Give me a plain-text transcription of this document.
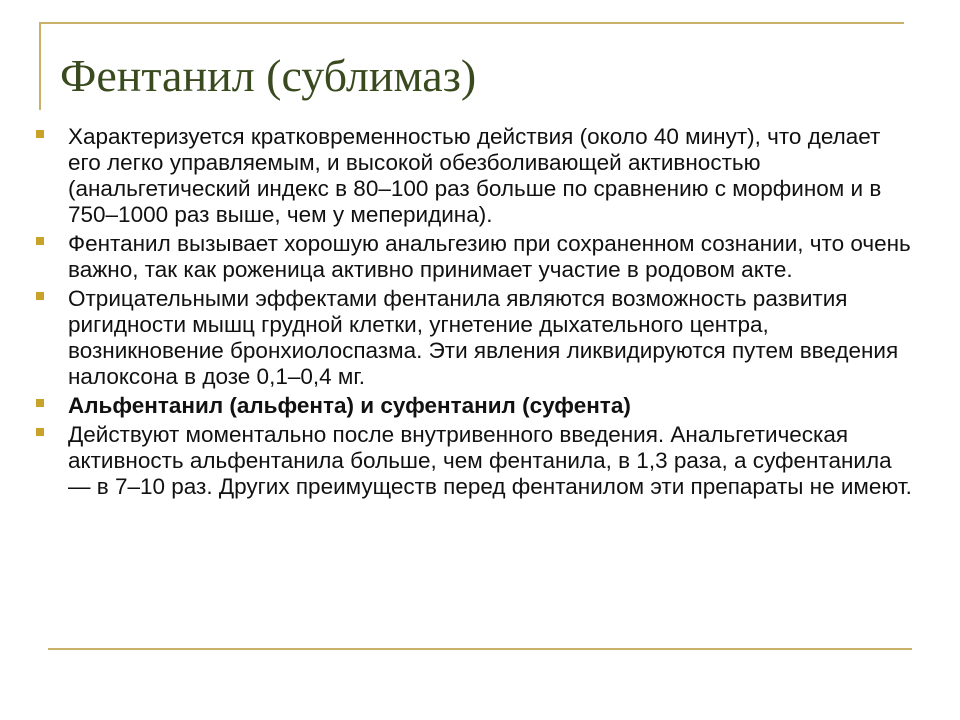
Фентанил (сублимаз)
Характеризуется кратковременностью действия (около 40 минут), что делает его легко управляемым, и высокой обезболивающей активностью (анальгетический индекс в 80–100 раз больше по сравнению с морфином и в 750–1000 раз выше, чем у меперидина).
Фентанил вызывает хорошую анальгезию при сохраненном сознании, что очень важно, так как роженица активно принимает участие в родовом акте.
Отрицательными эффектами фентанила являются возможность развития ригидности мышц грудной клетки, угнетение дыхательного центра, возникновение бронхиолоспазма. Эти явления ликвидируются путем введения налоксона в дозе 0,1–0,4 мг.
Альфентанил (альфента) и суфентанил (суфента)
Действуют моментально после внутривенного введения. Анальгетическая активность альфентанила больше, чем фентанила, в 1,3 раза, а суфентанила — в 7–10 раз. Других преимуществ перед фентанилом эти препараты не имеют.
